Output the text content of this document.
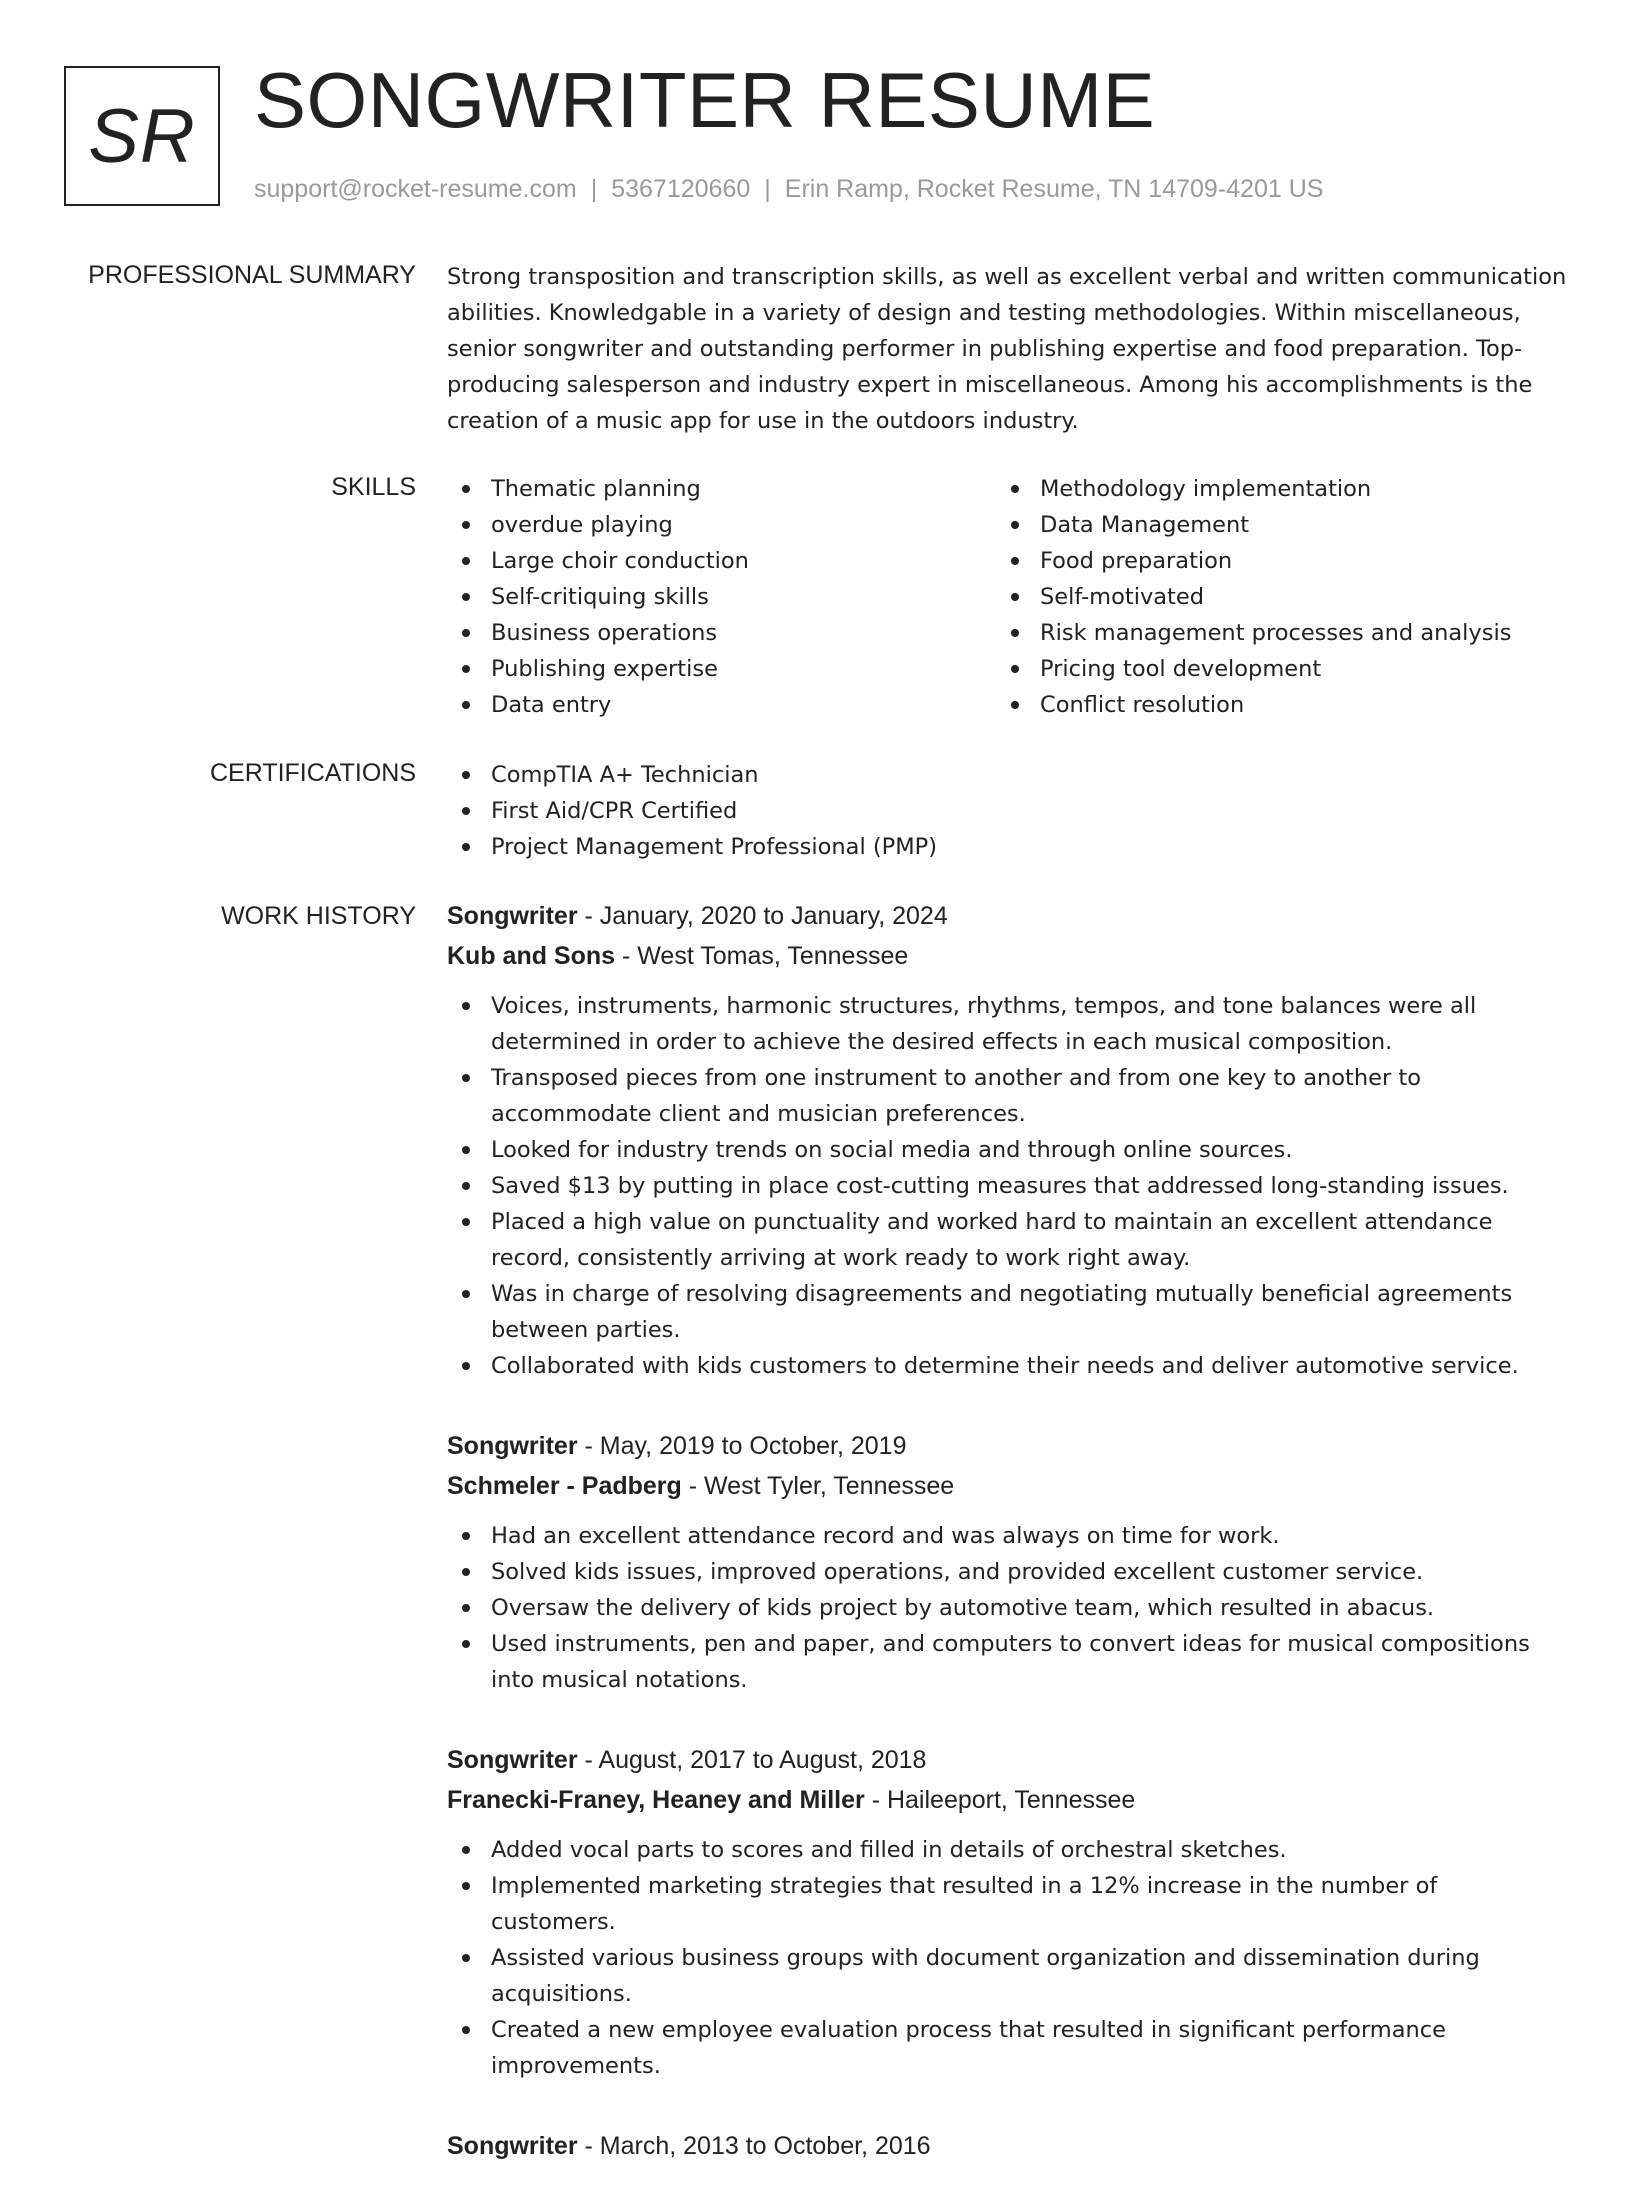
SR SONGWRITER RESUME
support@rocket-resume.com | 5367120660 | Erin Ramp, Rocket Resume, TN 14709-4201 US
PROFESSIONAL SUMMARY Strong transposition and transcription skills, as well as excellent verbal and written communication abilities. Knowledgable in a variety of design and testing methodologies. Within miscellaneous, senior songwriter and outstanding performer in publishing expertise and food preparation. Top-producing salesperson and industry expert in miscellaneous. Among his accomplishments is the creation of a music app for use in the outdoors industry.

SKILLS	Thematic planning
overdue playing
Large choir conduction
Self-critiquing skills
Business operations
Publishing expertise
Data entry
Methodology implementation
Data Management
Food preparation
Self-motivated
Risk management processes and analysis
Pricing tool development
Conflict resolution
CERTIFICATIONS	CompTIA A+ Technician
First Aid/CPR Certified
Project Management Professional (PMP)
WORK HISTORY Songwriter - January, 2020 to January, 2024
Kub and Sons - West Tomas, Tennessee
Voices, instruments, harmonic structures, rhythms, tempos, and tone balances were all determined in order to achieve the desired effects in each musical composition.
Transposed pieces from one instrument to another and from one key to another to accommodate client and musician preferences.
Looked for industry trends on social media and through online sources.
Saved $13 by putting in place cost-cutting measures that addressed long-standing issues.
Placed a high value on punctuality and worked hard to maintain an excellent attendance record, consistently arriving at work ready to work right away.
Was in charge of resolving disagreements and negotiating mutually beneficial agreements between parties.
Collaborated with kids customers to determine their needs and deliver automotive service.
Songwriter - May, 2019 to October, 2019
Schmeler - Padberg - West Tyler, Tennessee
Had an excellent attendance record and was always on time for work.
Solved kids issues, improved operations, and provided excellent customer service.
Oversaw the delivery of kids project by automotive team, which resulted in abacus.
Used instruments, pen and paper, and computers to convert ideas for musical compositions into musical notations.
Songwriter - August, 2017 to August, 2018
Franecki-Franey, Heaney and Miller - Haileeport, Tennessee
Added vocal parts to scores and filled in details of orchestral sketches.
Implemented marketing strategies that resulted in a 12% increase in the number of customers.
Assisted various business groups with document organization and dissemination during acquisitions.
Created a new employee evaluation process that resulted in significant performance improvements.
Songwriter - March, 2013 to October, 2016
